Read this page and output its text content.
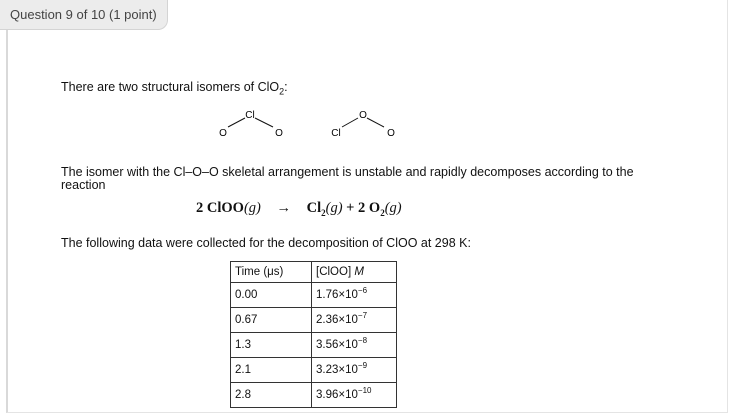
Question 9 of 10 (1 point)
There are two structural isomers of ClO$_2$:
Cl
O	O
O
Cl	O
The isomer with the Cl–O–O skeletal arrangement is unstable and rapidly decomposes according to the reaction
2 ClOO(g) → $Cl_2(g) + 2$ $O_2(g)$
The following data were collected for the decomposition of ClOO at 298 K:
Time (μs)	[ClOO] M
0.00	$1.76\times 10^{-6}$
0.67	$2.36\times 10^{-7}$
1.3	$3.56\times 10^{-8}$
2.1	$3.23\times 10^{-9}$
2.8	$3.96\times 10^{-10}$
